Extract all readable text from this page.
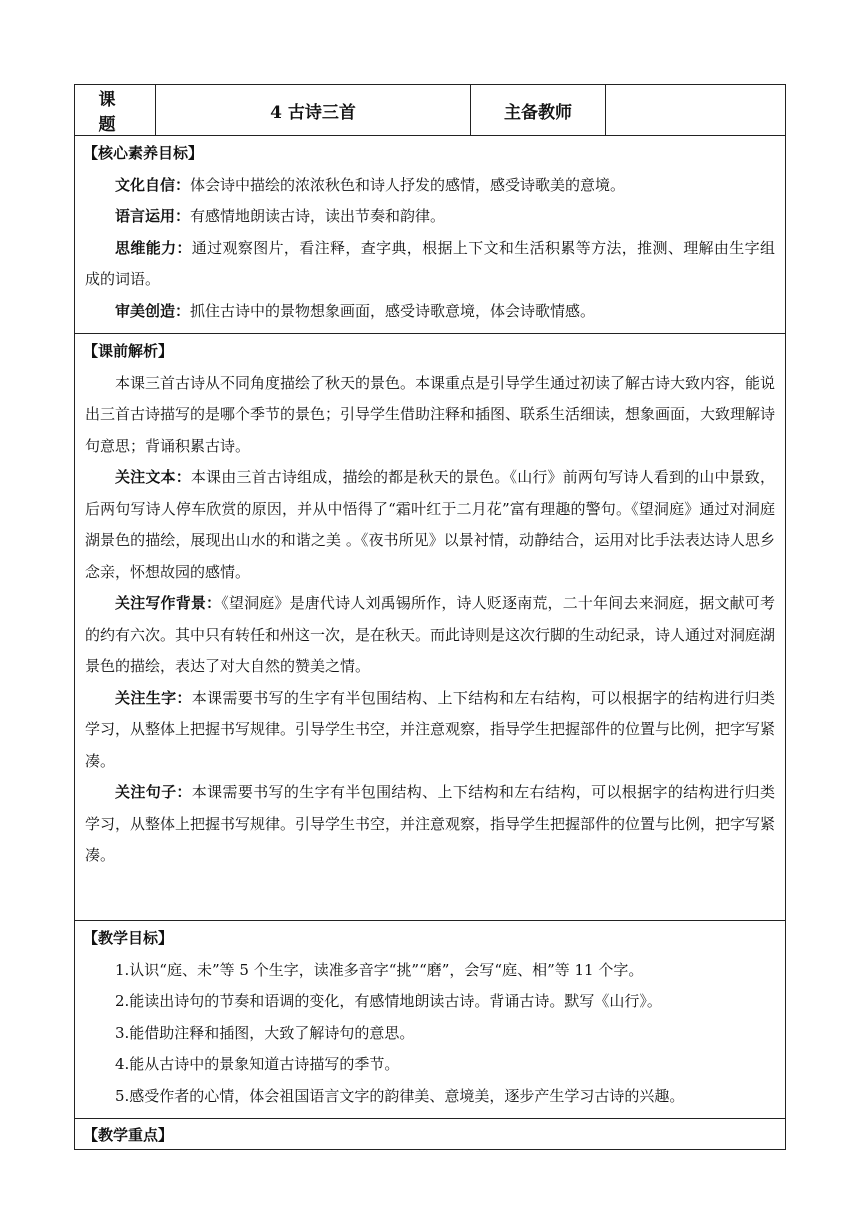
课 题	4 古诗三首	主备教师	

【核心素养目标】

文化自信：体会诗中描绘的浓浓秋色和诗人抒发的感情，感受诗歌美的意境。

语言运用：有感情地朗读古诗，读出节奏和韵律。

思维能力：通过观察图片，看注释，查字典，根据上下文和生活积累等方法，推测、理解由生字组成的词语。

审美创造：抓住古诗中的景物想象画面，感受诗歌意境，体会诗歌情感。

【课前解析】

本课三首古诗从不同角度描绘了秋天的景色。本课重点是引导学生通过初读了解古诗大致内容，能说出三首古诗描写的是哪个季节的景色；引导学生借助注释和插图、联系生活细读，想象画面，大致理解诗句意思；背诵积累古诗。

关注文本：本课由三首古诗组成，描绘的都是秋天的景色。《山行》前两句写诗人看到的山中景致，后两句写诗人停车欣赏的原因，并从中悟得了“霜叶红于二月花”富有理趣的警句。《望洞庭》通过对洞庭湖景色的描绘，展现出山水的和谐之美 。《夜书所见》以景衬情，动静结合，运用对比手法表达诗人思乡念亲，怀想故园的感情。

关注写作背景：《望洞庭》是唐代诗人刘禹锡所作，诗人贬逐南荒，二十年间去来洞庭，据文献可考的约有六次。其中只有转任和州这一次，是在秋天。而此诗则是这次行脚的生动纪录，诗人通过对洞庭湖景色的描绘，表达了对大自然的赞美之情。

关注生字：本课需要书写的生字有半包围结构、上下结构和左右结构，可以根据字的结构进行归类学习，从整体上把握书写规律。引导学生书空，并注意观察，指导学生把握部件的位置与比例，把字写紧凑。

关注句子：本课需要书写的生字有半包围结构、上下结构和左右结构，可以根据字的结构进行归类学习，从整体上把握书写规律。引导学生书空，并注意观察，指导学生把握部件的位置与比例，把字写紧凑。

【教学目标】

1.认识“庭、未”等 5 个生字，读准多音字“挑”“磨”，会写“庭、相”等 11 个字。

2.能读出诗句的节奏和语调的变化，有感情地朗读古诗。背诵古诗。默写《山行》。

3.能借助注释和插图，大致了解诗句的意思。

4.能从古诗中的景象知道古诗描写的季节。

5.感受作者的心情，体会祖国语言文字的韵律美、意境美，逐步产生学习古诗的兴趣。

【教学重点】
